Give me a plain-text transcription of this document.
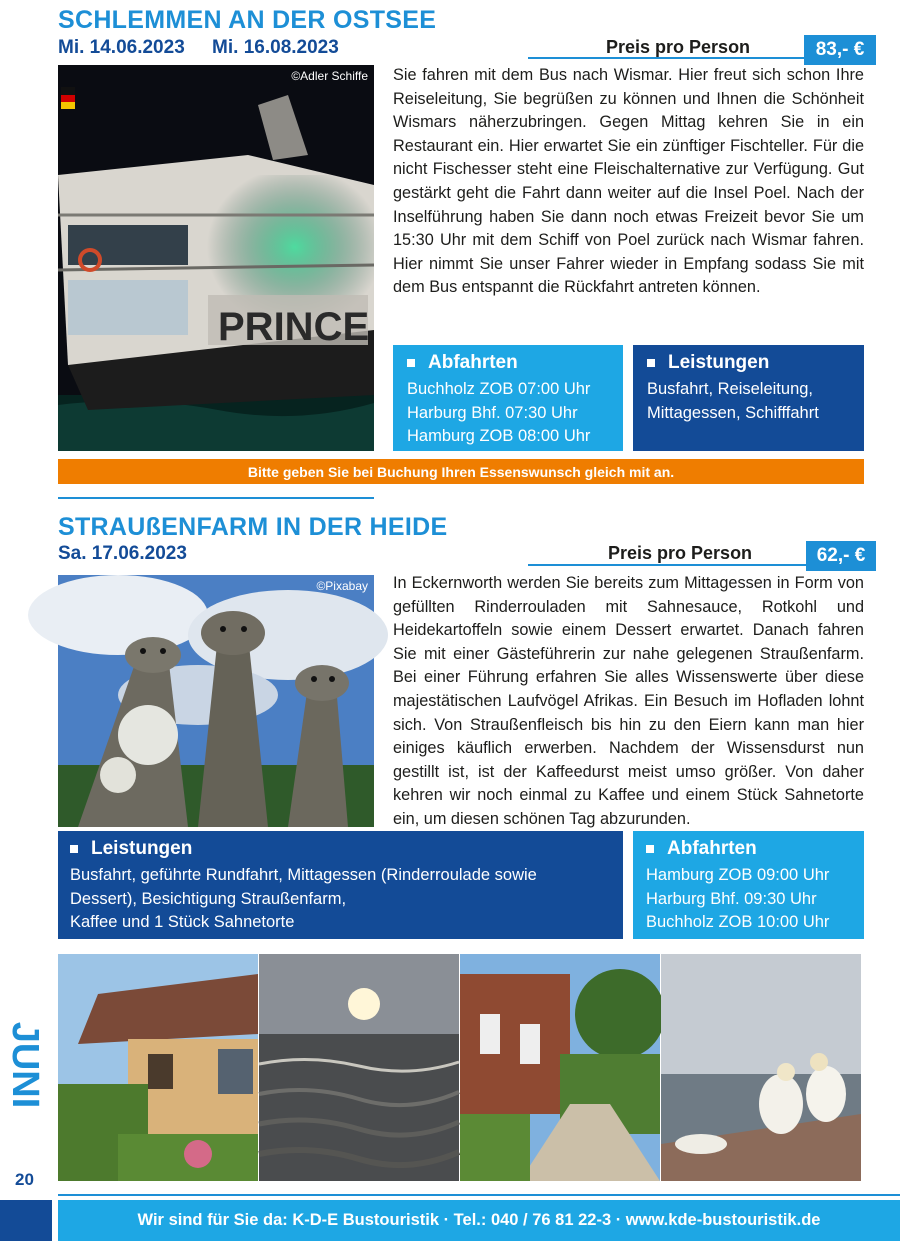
SCHLEMMEN AN DER OSTSEE
Mi. 14.06.2023 Mi. 16.08.2023	Preis pro Person	83,- €
PRINCE
©Adler Schiffe Sie fahren mit dem Bus nach Wismar. Hier freut sich schon Ihre Reiseleitung, Sie begrüßen zu können und Ihnen die Schönheit Wismars näherzubringen. Gegen Mittag kehren Sie in ein Restaurant ein. Hier erwartet Sie ein zünftiger Fischteller. Für die nicht Fischesser steht eine Fleischalternative zur Verfügung. Gut gestärkt geht die Fahrt dann weiter auf die Insel Poel. Nach der Inselführung haben Sie dann noch etwas Freizeit bevor Sie um 15:30 Uhr mit dem Schiff von Poel zurück nach Wismar fahren. Hier nimmt Sie unser Fahrer wieder in Empfang sodass Sie mit dem Bus entspannt die Rückfahrt antreten können.
Abfahrten
Buchholz ZOB 07:00 Uhr
Harburg Bhf. 07:30 Uhr
Hamburg ZOB 08:00 Uhr
Leistungen
Busfahrt, Reiseleitung,
Mittagessen, Schifffahrt
Bitte geben Sie bei Buchung Ihren Essenswunsch gleich mit an.
STRAUßENFARM IN DER HEIDE
Sa. 17.06.2023	Preis pro Person	62,- €
©Pixabay In Eckernworth werden Sie bereits zum Mittagessen in Form von gefüllten Rinderrouladen mit Sahnesauce, Rotkohl und Heidekartoffeln sowie einem Dessert erwartet. Danach fahren Sie mit einer Gästeführerin zur nahe gelegenen Straußenfarm. Bei einer Führung erfahren Sie alles Wissenswerte über diese majestätischen Laufvögel Afrikas. Ein Besuch im Hofladen lohnt sich. Von Straußenfleisch bis hin zu den Eiern kann man hier einiges käuflich erwerben. Nachdem der Wissensdurst nun gestillt ist, ist der Kaffeedurst meist umso größer. Von daher kehren wir noch einmal zu Kaffee und einem Stück Sahnetorte ein, um diesen schönen Tag abzurunden.
Leistungen
Busfahrt, geführte Rundfahrt, Mittagessen (Rinderroulade sowie
Dessert), Besichtigung Straußenfarm,
Kaffee und 1 Stück Sahnetorte
Abfahrten
Hamburg ZOB 09:00 Uhr
Harburg Bhf. 09:30 Uhr
Buchholz ZOB 10:00 Uhr
JUNI
20
Wir sind für Sie da: K-D-E Bustouristik · Tel.: 040 / 76 81 22-3 · www.kde-bustouristik.de
